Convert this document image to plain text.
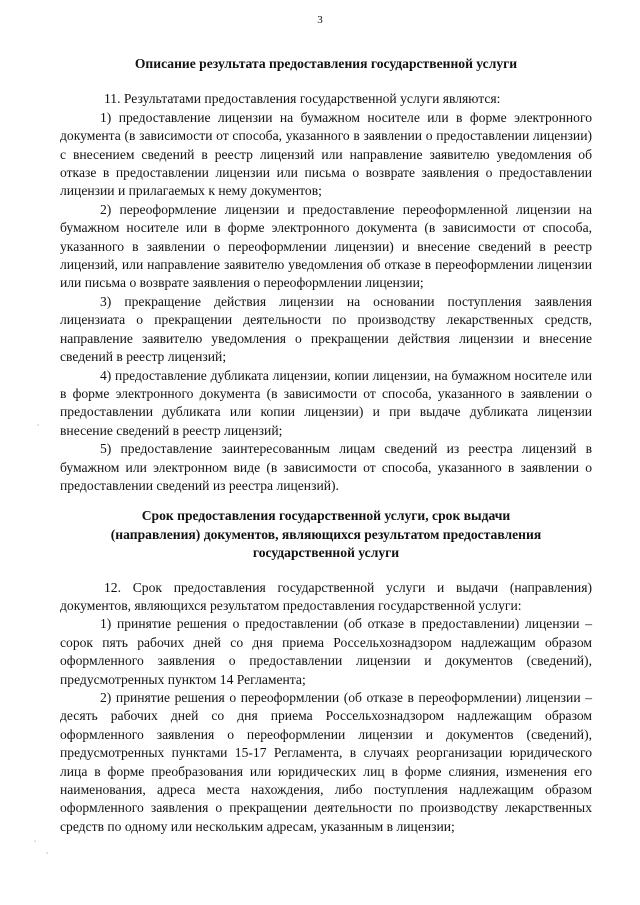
3

Описание результата предоставления государственной услуги

11. Результатами предоставления государственной услуги являются:

1) предоставление лицензии на бумажном носителе или в форме электронного документа (в зависимости от способа, указанного в заявлении о предоставлении лицензии) с внесением сведений в реестр лицензий или направление заявителю уведомления об отказе в предоставлении лицензии или письма о возврате заявления о предоставлении лицензии и прилагаемых к нему документов;

2) переоформление лицензии и предоставление переоформленной лицензии на бумажном носителе или в форме электронного документа (в зависимости от способа, указанного в заявлении о переоформлении лицензии) и внесение сведений в реестр лицензий, или направление заявителю уведомления об отказе в переоформлении лицензии или письма о возврате заявления о переоформлении лицензии;

3) прекращение действия лицензии на основании поступления заявления лицензиата о прекращении деятельности по производству лекарственных средств, направление заявителю уведомления о прекращении действия лицензии и внесение сведений в реестр лицензий;

4) предоставление дубликата лицензии, копии лицензии, на бумажном носителе или в форме электронного документа (в зависимости от способа, указанного в заявлении о предоставлении дубликата или копии лицензии) и при выдаче дубликата лицензии внесение сведений в реестр лицензий;

5) предоставление заинтересованным лицам сведений из реестра лицензий в бумажном или электронном виде (в зависимости от способа, указанного в заявлении о предоставлении сведений из реестра лицензий).

Срок предоставления государственной услуги, срок выдачи
(направления) документов, являющихся результатом предоставления
государственной услуги

12. Срок предоставления государственной услуги и выдачи (направления) документов, являющихся результатом предоставления государственной услуги:

1) принятие решения о предоставлении (об отказе в предоставлении) лицензии – сорок пять рабочих дней со дня приема Россельхознадзором надлежащим образом оформленного заявления о предоставлении лицензии и документов (сведений), предусмотренных пунктом 14 Регламента;

2) принятие решения о переоформлении (об отказе в переоформлении) лицензии – десять рабочих дней со дня приема Россельхознадзором надлежащим образом оформленного заявления о переоформлении лицензии и документов (сведений), предусмотренных пунктами 15-17 Регламента, в случаях реорганизации юридического лица в форме преобразования или юридических лиц в форме слияния, изменения его наименования, адреса места нахождения, либо поступления надлежащим образом оформленного заявления о прекращении деятельности по производству лекарственных средств по одному или нескольким адресам, указанным в лицензии;

⸱
⸱
⸱
